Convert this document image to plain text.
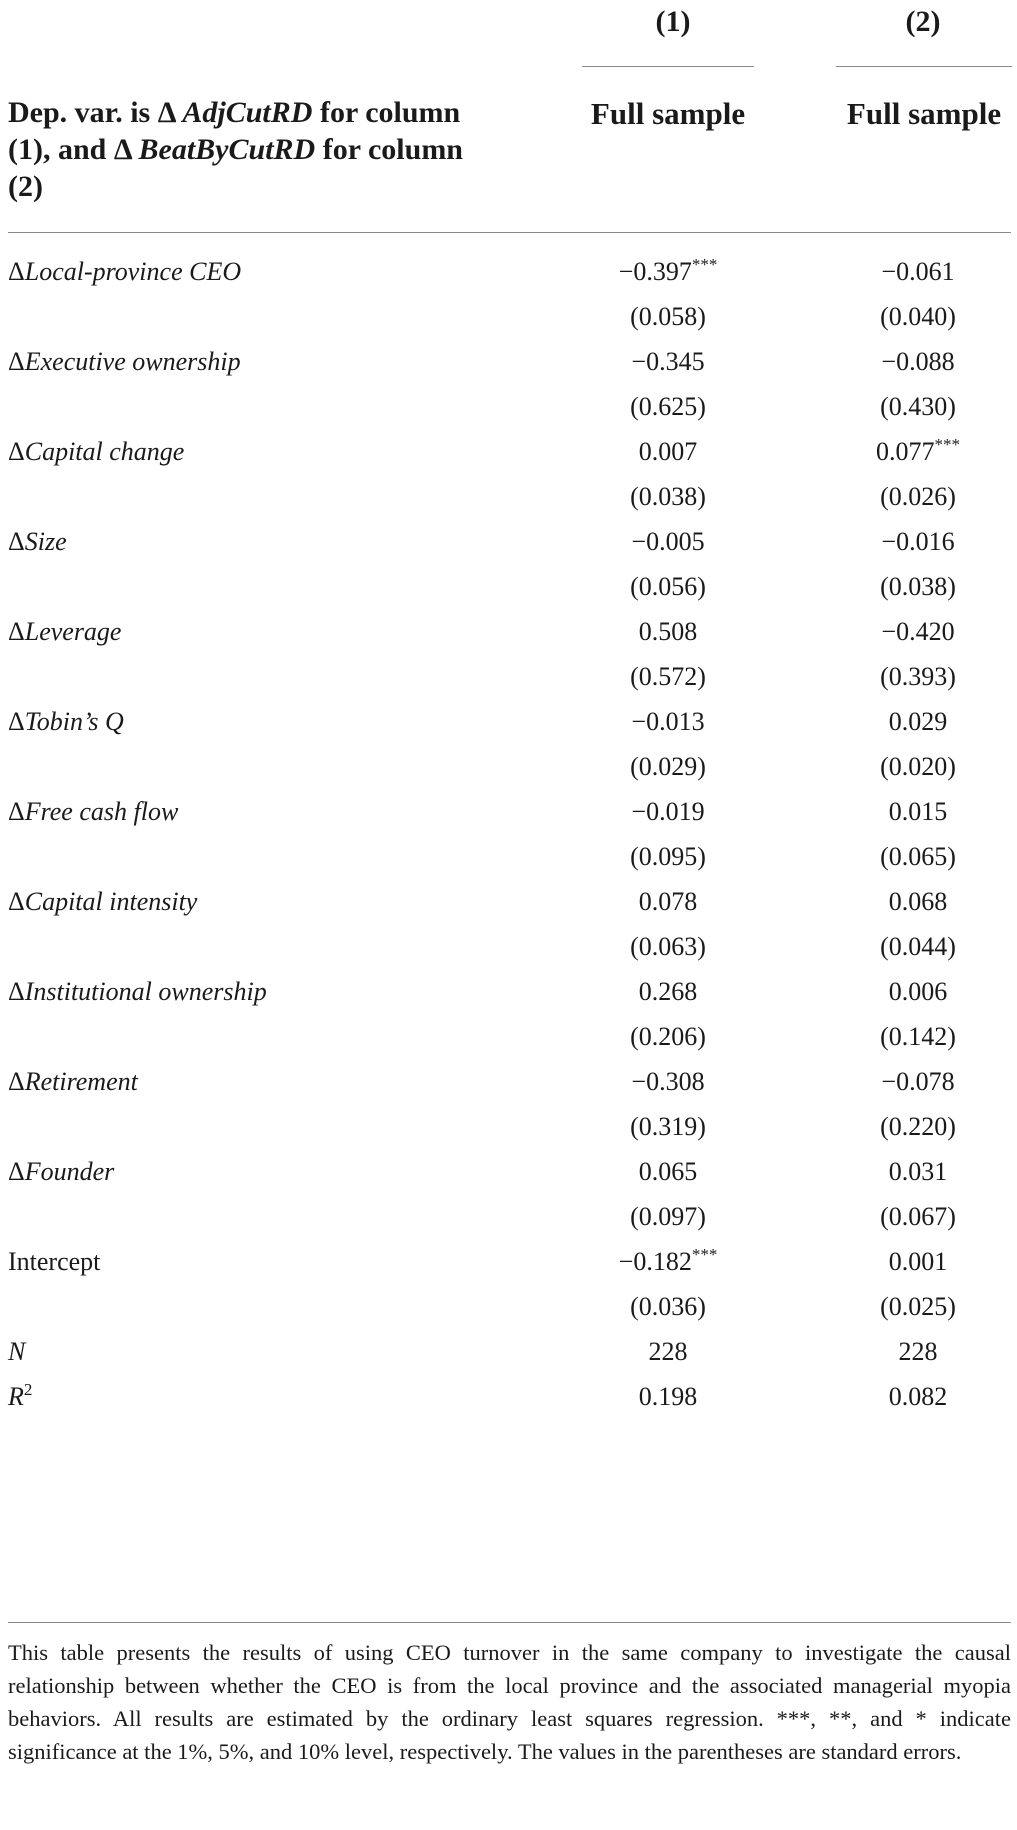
(1)	(2)
Dep. var. is Δ AdjCutRD for column (1), and Δ BeatByCutRD for column (2)
Full sample	Full sample
ΔLocal-province CEO	−0.397***	−0.061
(0.058)	(0.040)
ΔExecutive ownership	−0.345	−0.088
(0.625)	(0.430)
ΔCapital change	0.007	0.077***
(0.038)	(0.026)
ΔSize	−0.005	−0.016
(0.056)	(0.038)
ΔLeverage	0.508	−0.420
(0.572)	(0.393)
ΔTobin’s Q	−0.013	0.029
(0.029)	(0.020)
ΔFree cash flow	−0.019	0.015
(0.095)	(0.065)
ΔCapital intensity	0.078	0.068
(0.063)	(0.044)
ΔInstitutional ownership	0.268	0.006
(0.206)	(0.142)
ΔRetirement	−0.308	−0.078
(0.319)	(0.220)
ΔFounder	0.065	0.031
(0.097)	(0.067)
Intercept	−0.182***	0.001
(0.036)	(0.025)
N	228	228
$R^2$	0.198	0.082
This table presents the results of using CEO turnover in the same company to investigate the causal relationship between whether the CEO is from the local province and the associated managerial myopia behaviors. All results are estimated by the ordinary least squares regression. ***, **, and * indicate significance at the 1%, 5%, and 10% level, respectively. The values in the parentheses are standard errors.
